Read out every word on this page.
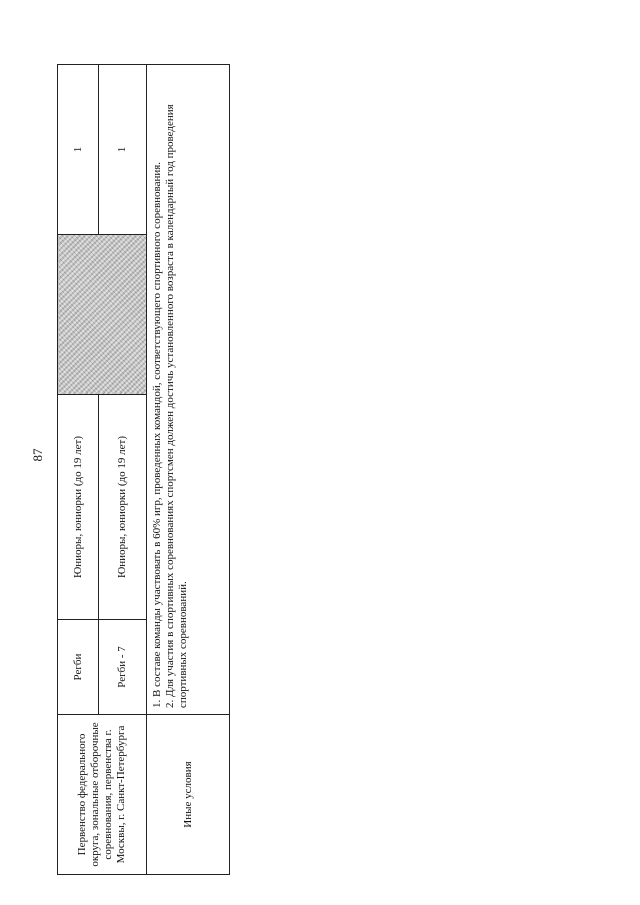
87
Первенство федерального округа, зональные отборочные соревнования, первенства г. Москвы, г. Санкт-Петербурга	Регби	Юниоры, юниорки (до 19 лет)		1
	Регби - 7	Юниоры, юниорки (до 19 лет)		1
Иные условия	1. В составе команды участвовать в 60% игр, проведенных командой, соответствующего спортивного соревнования. 2. Для участия в спортивных соревнованиях спортсмен должен достичь установленного возраста в календарный год проведения спортивных соревнований.			
